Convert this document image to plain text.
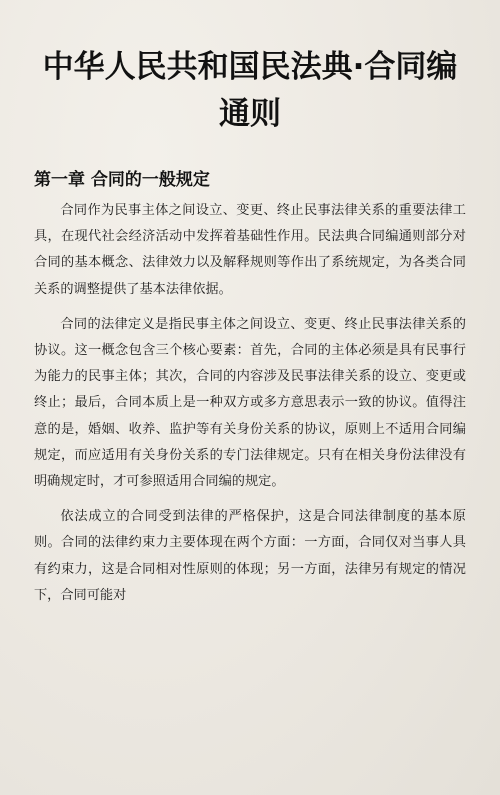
中华人民共和国民法典·合同编通则
第一章 合同的一般规定

合同作为民事主体之间设立、变更、终止民事法律关系的重要法律工具，在现代社会经济活动中发挥着基础性作用。民法典合同编通则部分对合同的基本概念、法律效力以及解释规则等作出了系统规定，为各类合同关系的调整提供了基本法律依据。

合同的法律定义是指民事主体之间设立、变更、终止民事法律关系的协议。这一概念包含三个核心要素：首先，合同的主体必须是具有民事行为能力的民事主体；其次，合同的内容涉及民事法律关系的设立、变更或终止；最后，合同本质上是一种双方或多方意思表示一致的协议。值得注意的是，婚姻、收养、监护等有关身份关系的协议，原则上不适用合同编规定，而应适用有关身份关系的专门法律规定。只有在相关身份法律没有明确规定时，才可参照适用合同编的规定。

依法成立的合同受到法律的严格保护，这是合同法律制度的基本原则。合同的法律约束力主要体现在两个方面：一方面，合同仅对当事人具有约束力，这是合同相对性原则的体现；另一方面，法律另有规定的情况下，合同可能对
